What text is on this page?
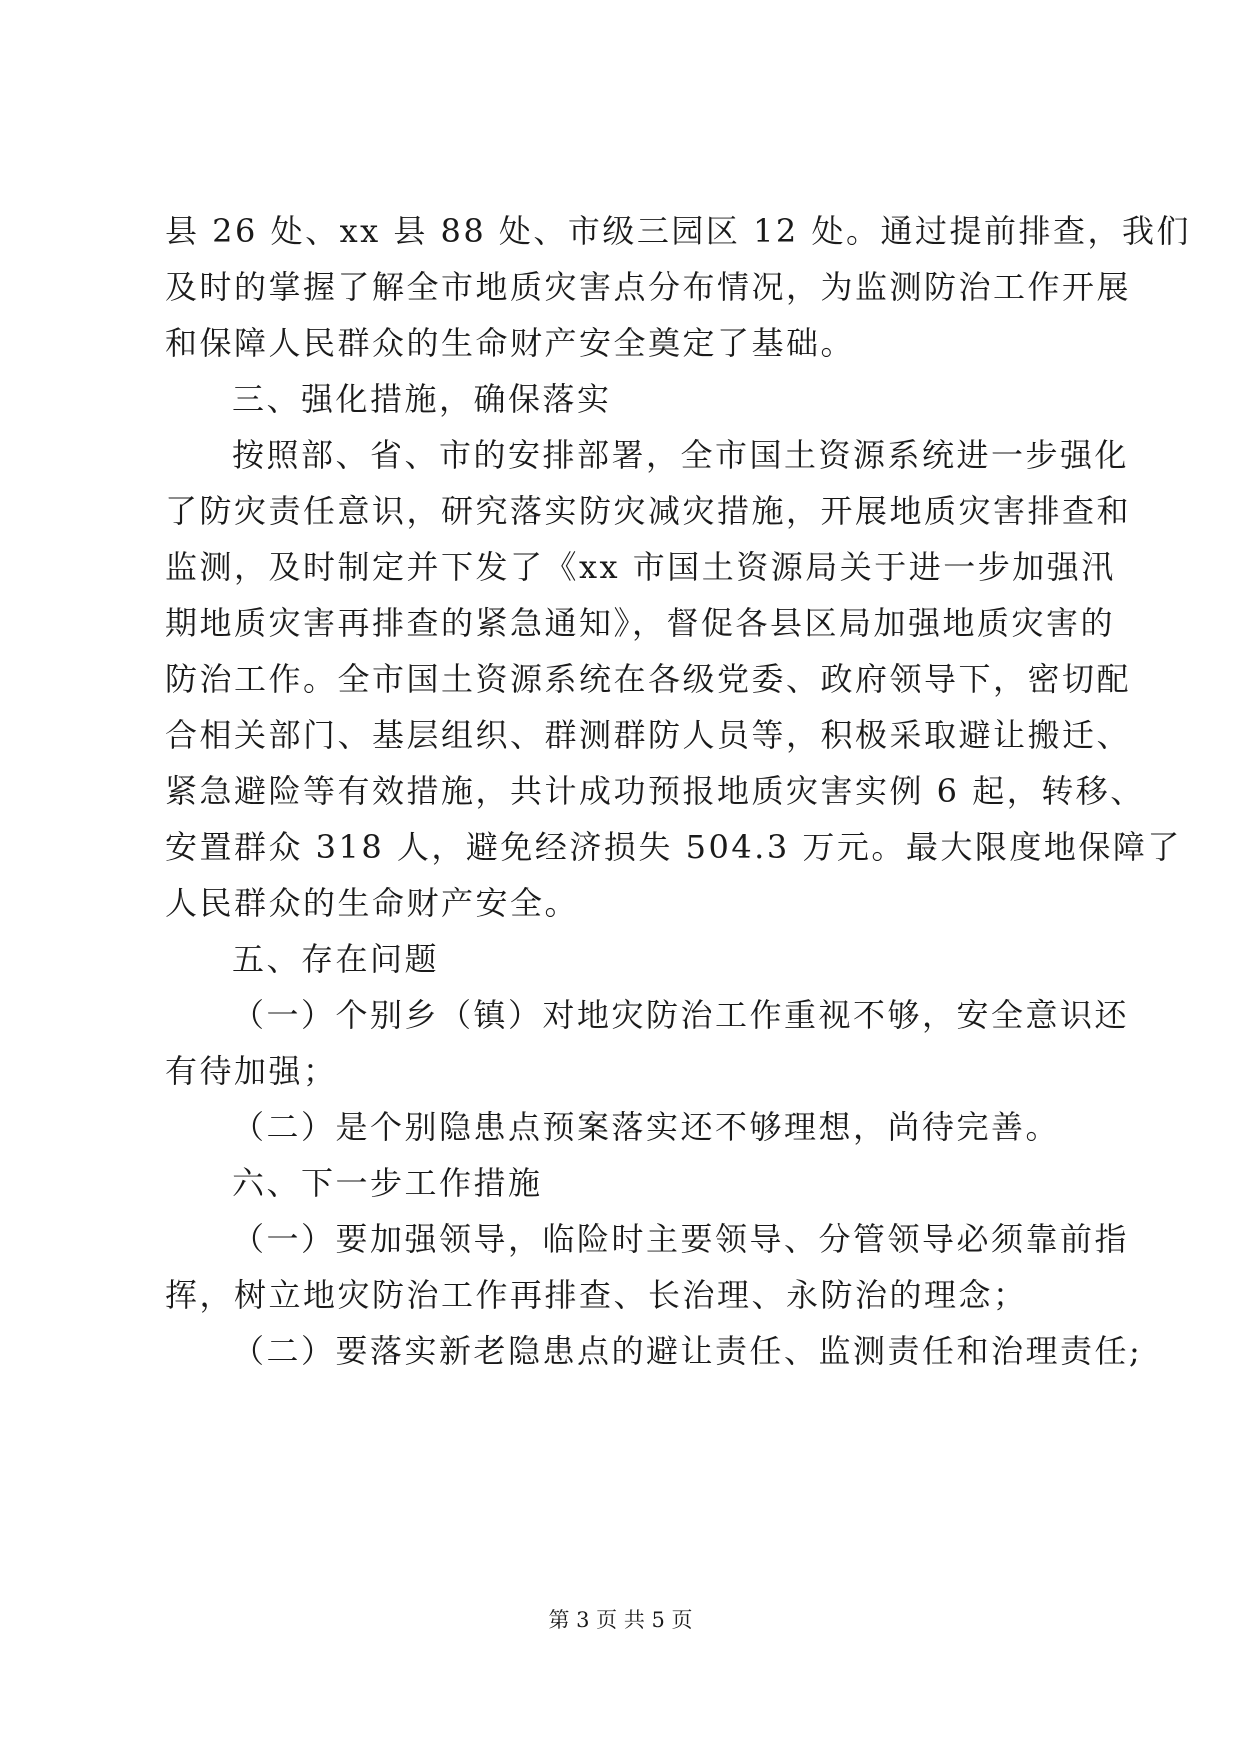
县 26 处、xx 县 88 处、市级三园区 12 处。通过提前排查，我们
及时的掌握了解全市地质灾害点分布情况，为监测防治工作开展
和保障人民群众的生命财产安全奠定了基础。
三、强化措施，确保落实
按照部、省、市的安排部署，全市国土资源系统进一步强化
了防灾责任意识，研究落实防灾减灾措施，开展地质灾害排查和
监测，及时制定并下发了《xx 市国土资源局关于进一步加强汛
期地质灾害再排查的紧急通知》，督促各县区局加强地质灾害的
防治工作。全市国土资源系统在各级党委、政府领导下，密切配
合相关部门、基层组织、群测群防人员等，积极采取避让搬迁、
紧急避险等有效措施，共计成功预报地质灾害实例 6 起，转移、
安置群众 318 人，避免经济损失 504.3 万元。最大限度地保障了
人民群众的生命财产安全。
五、存在问题
（一）个别乡（镇）对地灾防治工作重视不够，安全意识还
有待加强；
（二）是个别隐患点预案落实还不够理想，尚待完善。
六、下一步工作措施
（一）要加强领导，临险时主要领导、分管领导必须靠前指
挥，树立地灾防治工作再排查、长治理、永防治的理念；
（二）要落实新老隐患点的避让责任、监测责任和治理责任;
第 3 页 共 5 页
